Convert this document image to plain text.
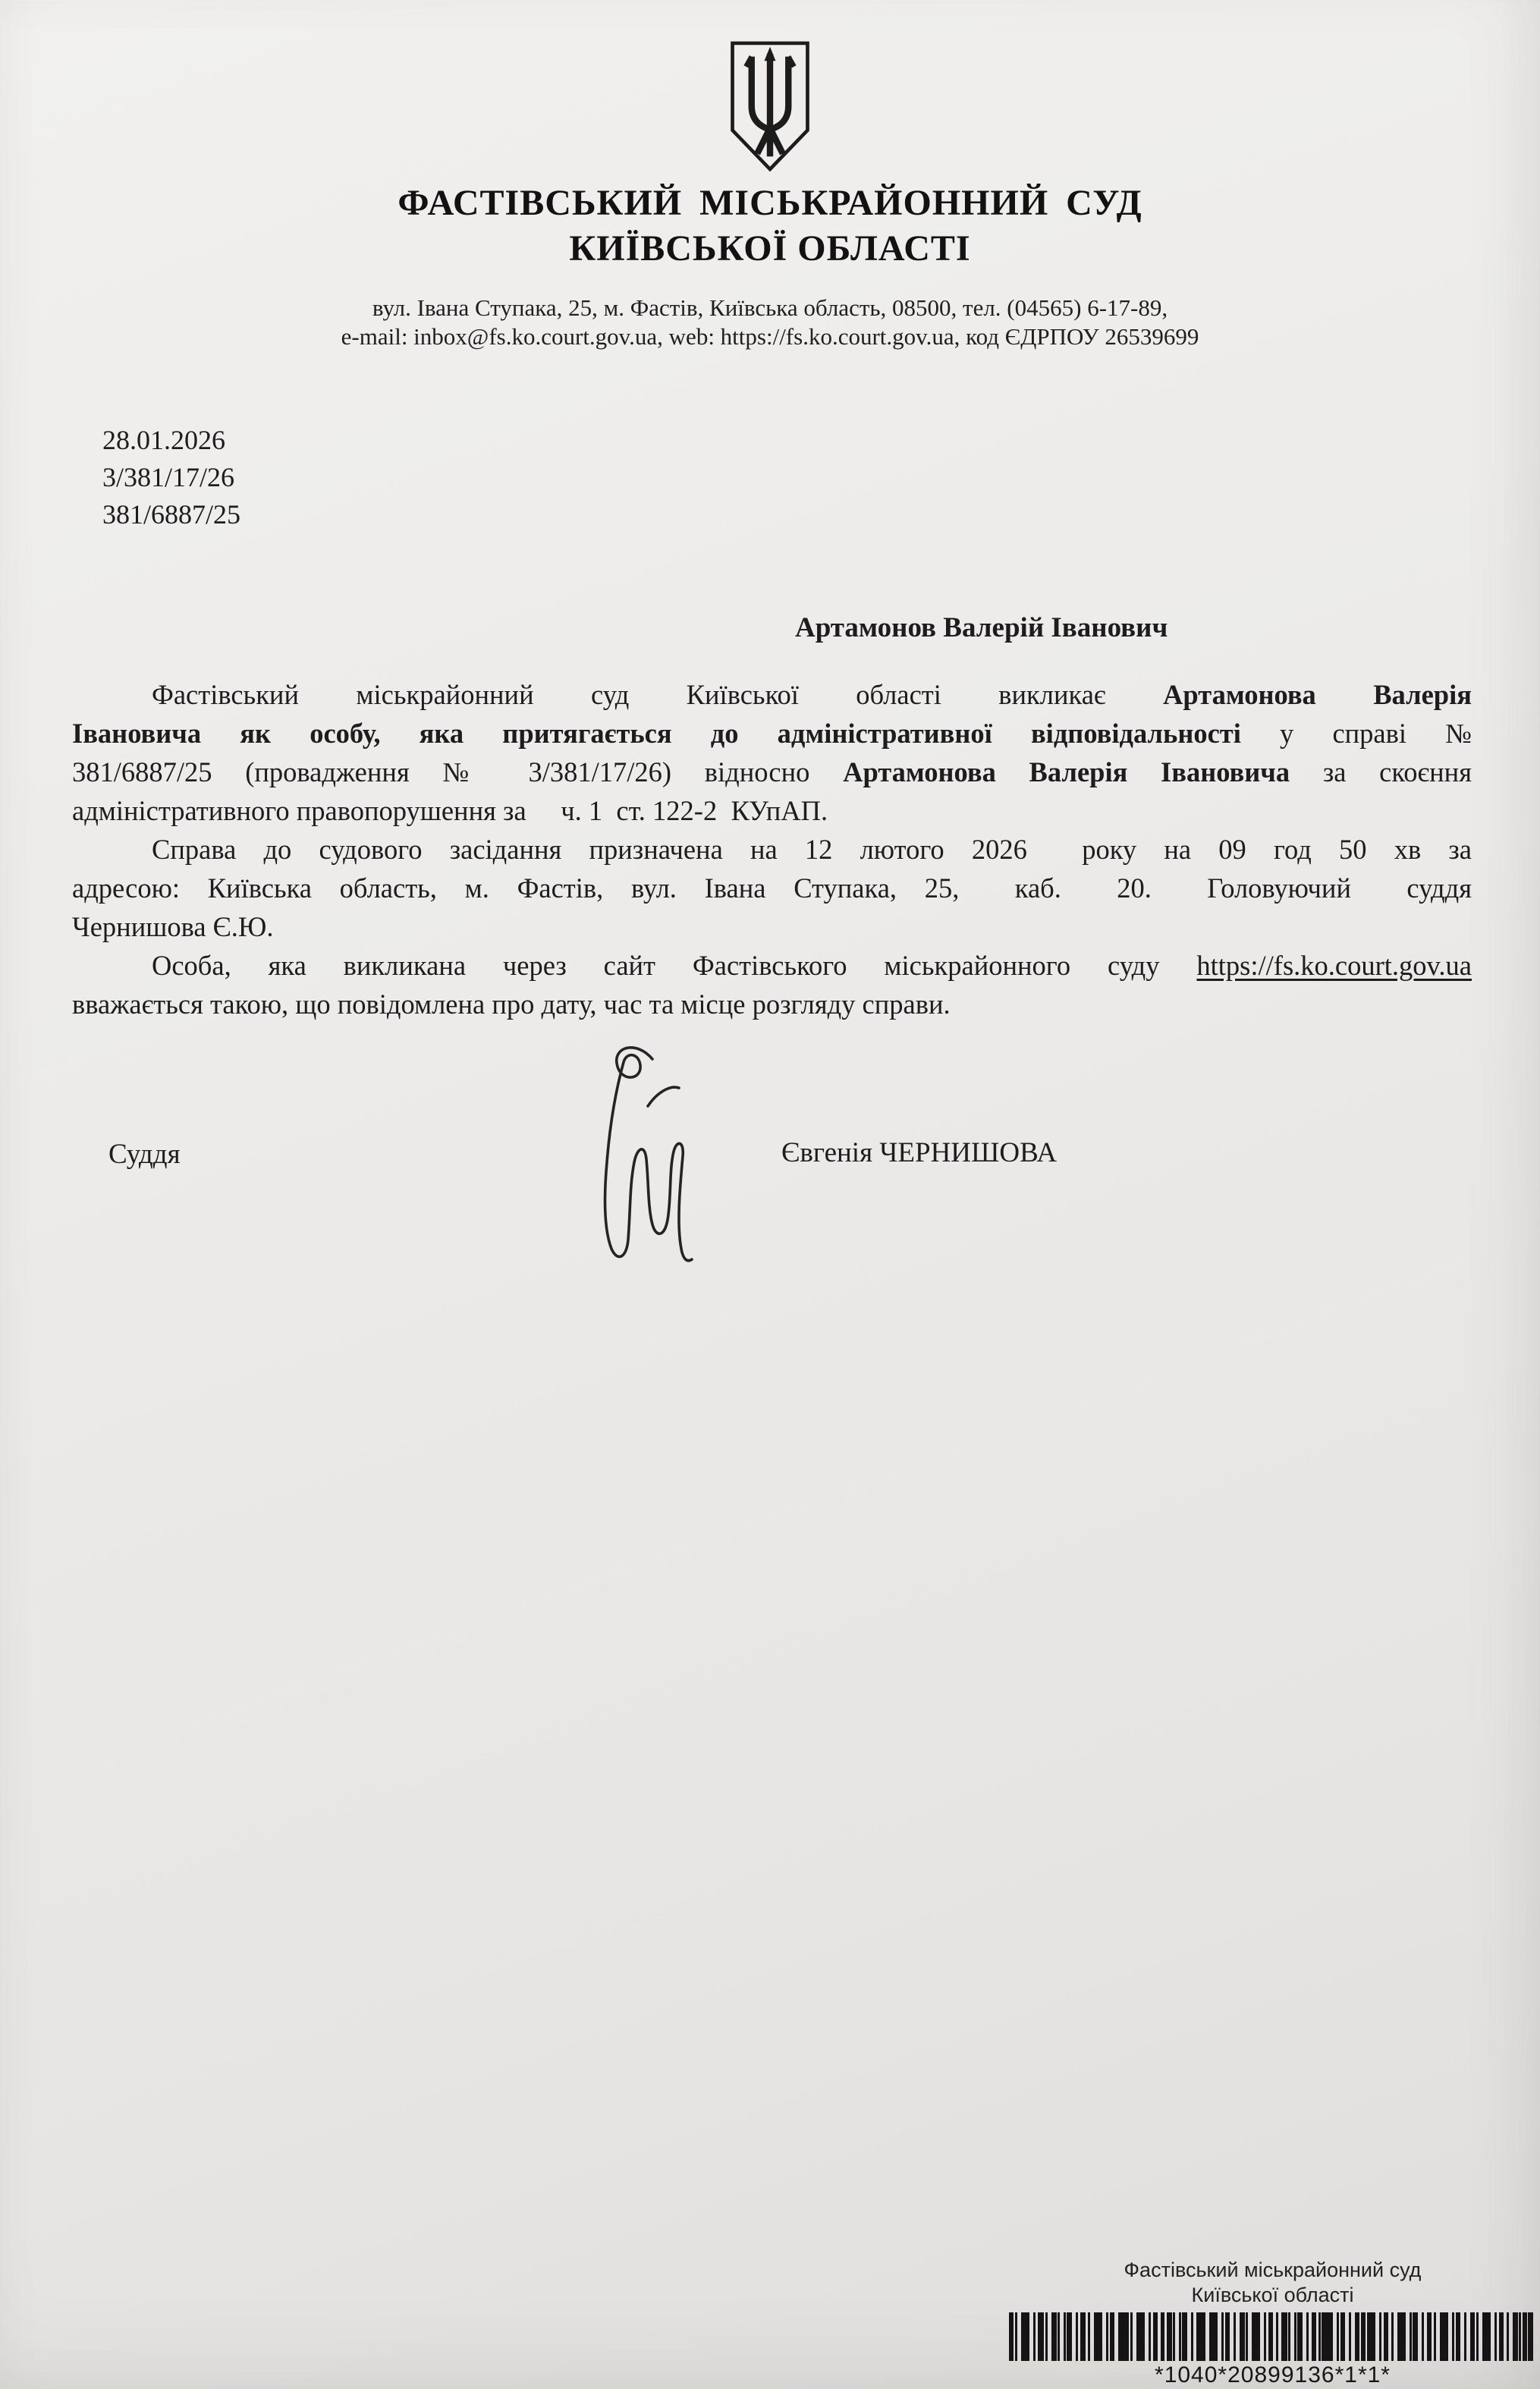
ФАСТІВСЬКИЙ МІСЬКРАЙОННИЙ СУД
КИЇВСЬКОЇ ОБЛАСТІ
вул. Івана Ступака, 25, м. Фастів, Київська область, 08500, тел. (04565) 6-17-89,
e-mail: inbox@fs.ko.court.gov.ua, web: https://fs.ko.court.gov.ua, код ЄДРПОУ 26539699
28.01.2026
3/381/17/26
381/6887/25
Артамонов Валерій Іванович
Фастівський міськрайонний суд Київської області викликає Артамонова Валерія
Івановича як особу, яка притягається до адміністративної відповідальності у справі №
381/6887/25 (провадження № 3/381/17/26) відносно Артамонова Валерія Івановича за скоєння
адміністративного правопорушення за     ч. 1  ст. 122-2  КУпАП.
Справа до судового засідання призначена на 12 лютого 2026  року на 09 год 50 хв за
адресою: Київська область, м. Фастів, вул. Івана Ступака, 25,  каб.  20.  Головуючий  суддя
Чернишова Є.Ю.
Особа, яка викликана через сайт Фастівського міськрайонного суду https://fs.ko.court.gov.ua
вважається такою, що повідомлена про дату, час та місце розгляду справи.
Суддя	Євгенія ЧЕРНИШОВА
Фастівський міськрайонний суд
Київської області
*1040*20899136*1*1*
